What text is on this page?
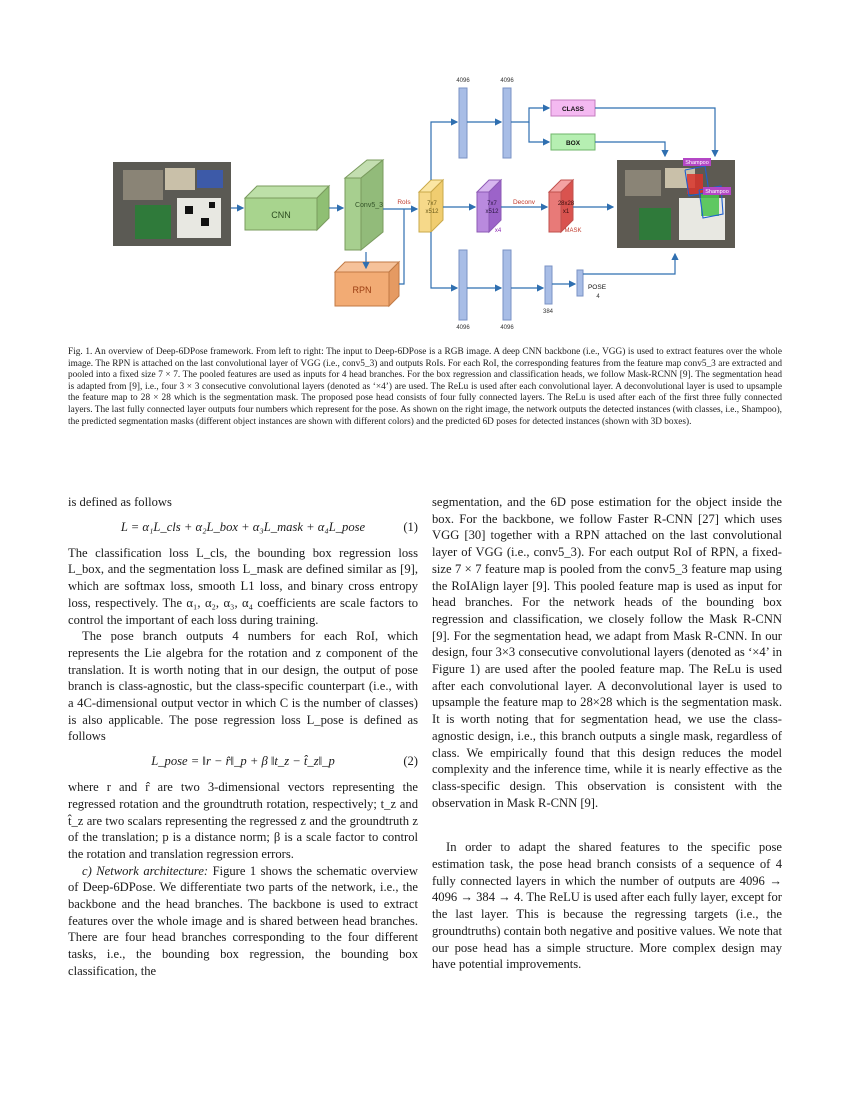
CNN
Conv5_3
RPN
RoIs	7x7
x512
4096	4096
CLASS
BOX
7x7
x512
x4
Deconv	28x28
x1
MASK
4096	4096
384
4
POSE
Shampoo
Shampoo
Fig. 1. An overview of Deep-6DPose framework. From left to right: The input to Deep-6DPose is a RGB image. A deep CNN backbone (i.e., VGG) is used to extract features over the whole image. The RPN is attached on the last convolutional layer of VGG (i.e., conv5_3) and outputs RoIs. For each RoI, the corresponding features from the feature map conv5_3 are extracted and pooled into a fixed size 7 × 7. The pooled features are used as inputs for 4 head branches. For the box regression and classification heads, we follow Mask-RCNN [9]. The segmentation head is adapted from [9], i.e., four 3 × 3 consecutive convolutional layers (denoted as ‘×4’) are used. The ReLu is used after each convolutional layer. A deconvolutional layer is used to upsample the feature map to 28 × 28 which is the segmentation mask. The proposed pose head consists of four fully connected layers. The ReLu is used after each of the first three fully connected layers. The last fully connected layer outputs four numbers which represent for the pose. As shown on the right image, the network outputs the detected instances (with classes, i.e., Shampoo), the predicted segmentation masks (different object instances are shown with different colors) and the predicted 6D poses for detected instances (shown with 3D boxes).

is defined as follows

L = α₁L_cls + α₂L_box + α₃L_mask + α₄L_pose	(1)

The classification loss L_cls, the bounding box regression loss L_box, and the segmentation loss L_mask are defined similar as [9], which are softmax loss, smooth L1 loss, and binary cross entropy loss, respectively. The α₁, α₂, α₃, α₄ coefficients are scale factors to control the important of each loss during training.

The pose branch outputs 4 numbers for each RoI, which represents the Lie algebra for the rotation and z component of the translation. It is worth noting that in our design, the output of pose branch is class-agnostic, but the class-specific counterpart (i.e., with a 4C-dimensional output vector in which C is the number of classes) is also applicable. The pose regression loss L_pose is defined as follows

L_pose = ‖r − r̂‖_p + β ‖t_z − t̂_z‖_p	(2)

where r and r̂ are two 3-dimensional vectors representing the regressed rotation and the groundtruth rotation, respectively; t_z and t̂_z are two scalars representing the regressed z and the groundtruth z of the translation; p is a distance norm; β is a scale factor to control the rotation and translation regression errors.

c) Network architecture: Figure 1 shows the schematic overview of Deep-6DPose. We differentiate two parts of the network, i.e., the backbone and the head branches. The backbone is used to extract features over the whole image and is shared between head branches. There are four head branches corresponding to the four different tasks, i.e., the bounding box regression, the bounding box classification, the

segmentation, and the 6D pose estimation for the object inside the box. For the backbone, we follow Faster R-CNN [27] which uses VGG [30] together with a RPN attached on the last convolutional layer of VGG (i.e., conv5_3). For each output RoI of RPN, a fixed-size 7 × 7 feature map is pooled from the conv5_3 feature map using the RoIAlign layer [9]. This pooled feature map is used as input for head branches. For the network heads of the bounding box regression and classification, we closely follow the Mask R-CNN [9]. For the segmentation head, we adapt from Mask R-CNN. In our design, four 3×3 consecutive convolutional layers (denoted as ‘×4’ in Figure 1) are used after the pooled feature map. The ReLu is used after each convolutional layer. A deconvolutional layer is used to upsample the feature map to 28×28 which is the segmentation mask. It is worth noting that for segmentation head, we use the class-agnostic design, i.e., this branch outputs a single mask, regardless of class. We empirically found that this design reduces the model complexity and the inference time, while it is nearly effective as the class-specific design. This observation is consistent with the observation in Mask R-CNN [9].

In order to adapt the shared features to the specific pose estimation task, the pose head branch consists of a sequence of 4 fully connected layers in which the number of outputs are 4096 → 4096 → 384 → 4. The ReLU is used after each fully layer, except for the last layer. This is because the regressing targets (i.e., the groundtruths) contain both negative and positive values. We note that our pose head has a simple structure. More complex design may have potential improvements.
